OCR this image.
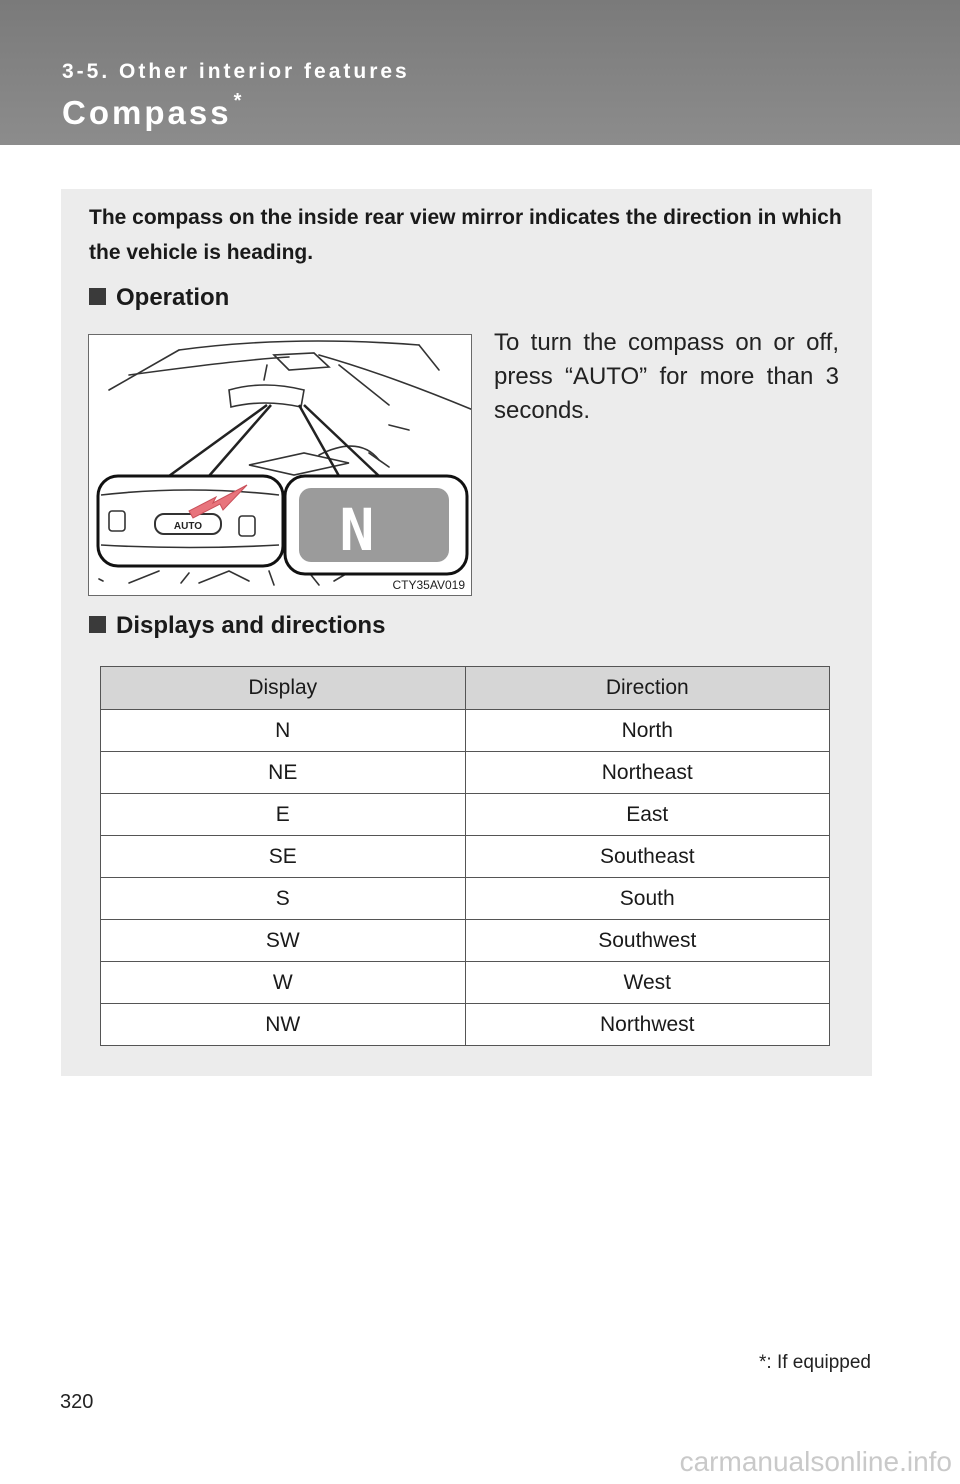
3-5. Other interior features
Compass *
The compass on the inside rear view mirror indicates the direction in which the vehicle is heading.
Operation
AUTO N
CTY35AV019
To turn the compass on or off, press “AUTO” for more than 3 seconds.
Displays and directions
Display	Direction
N	North
NE	Northeast
E	East
SE	Southeast
S	South
SW	Southwest
W	West
NW	Northwest
*: If equipped
320
carmanualsonline.info
